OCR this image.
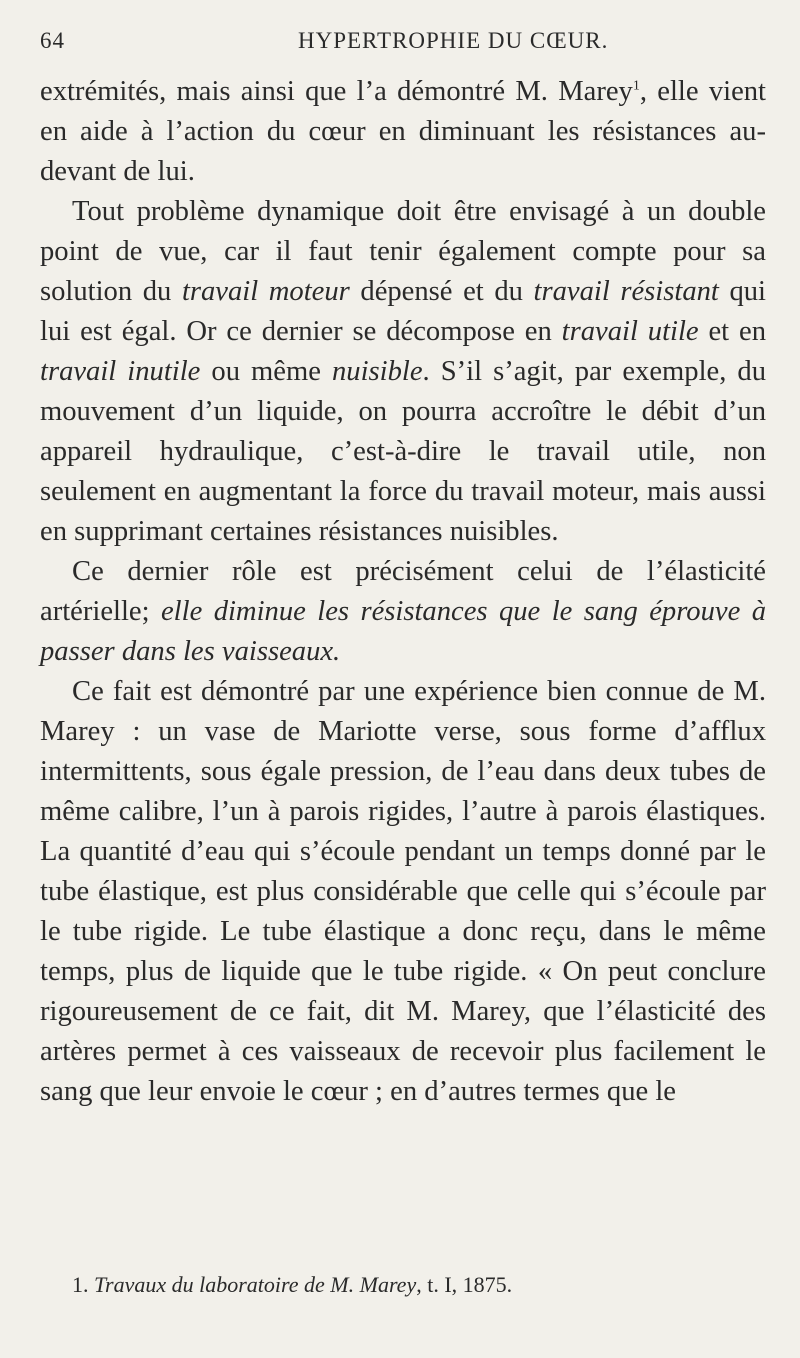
64	HYPERTROPHIE DU CŒUR.

extrémités, mais ainsi que l’a démontré M. Marey$^1$, elle vient en aide à l’action du cœur en diminuant les résistances au-devant de lui.

Tout problème dynamique doit être envisagé à un double point de vue, car il faut tenir également compte pour sa solution du travail moteur dépensé et du travail résistant qui lui est égal. Or ce dernier se décompose en travail utile et en travail inutile ou même nuisible. S’il s’agit, par exemple, du mouvement d’un liquide, on pourra accroître le débit d’un appareil hydraulique, c’est-à-dire le travail utile, non seulement en augmentant la force du travail moteur, mais aussi en supprimant certaines résistances nuisibles.

Ce dernier rôle est précisément celui de l’élasticité artérielle; elle diminue les résistances que le sang éprouve à passer dans les vaisseaux.

Ce fait est démontré par une expérience bien connue de M. Marey : un vase de Mariotte verse, sous forme d’afflux intermittents, sous égale pression, de l’eau dans deux tubes de même calibre, l’un à parois rigides, l’autre à parois élastiques. La quantité d’eau qui s’écoule pendant un temps donné par le tube élastique, est plus considérable que celle qui s’écoule par le tube rigide. Le tube élastique a donc reçu, dans le même temps, plus de liquide que le tube rigide. « On peut conclure rigoureusement de ce fait, dit M. Marey, que l’élasticité des artères permet à ces vaisseaux de recevoir plus facilement le sang que leur envoie le cœur ; en d’autres termes que le

1. Travaux du laboratoire de M. Marey, t. I, 1875.
